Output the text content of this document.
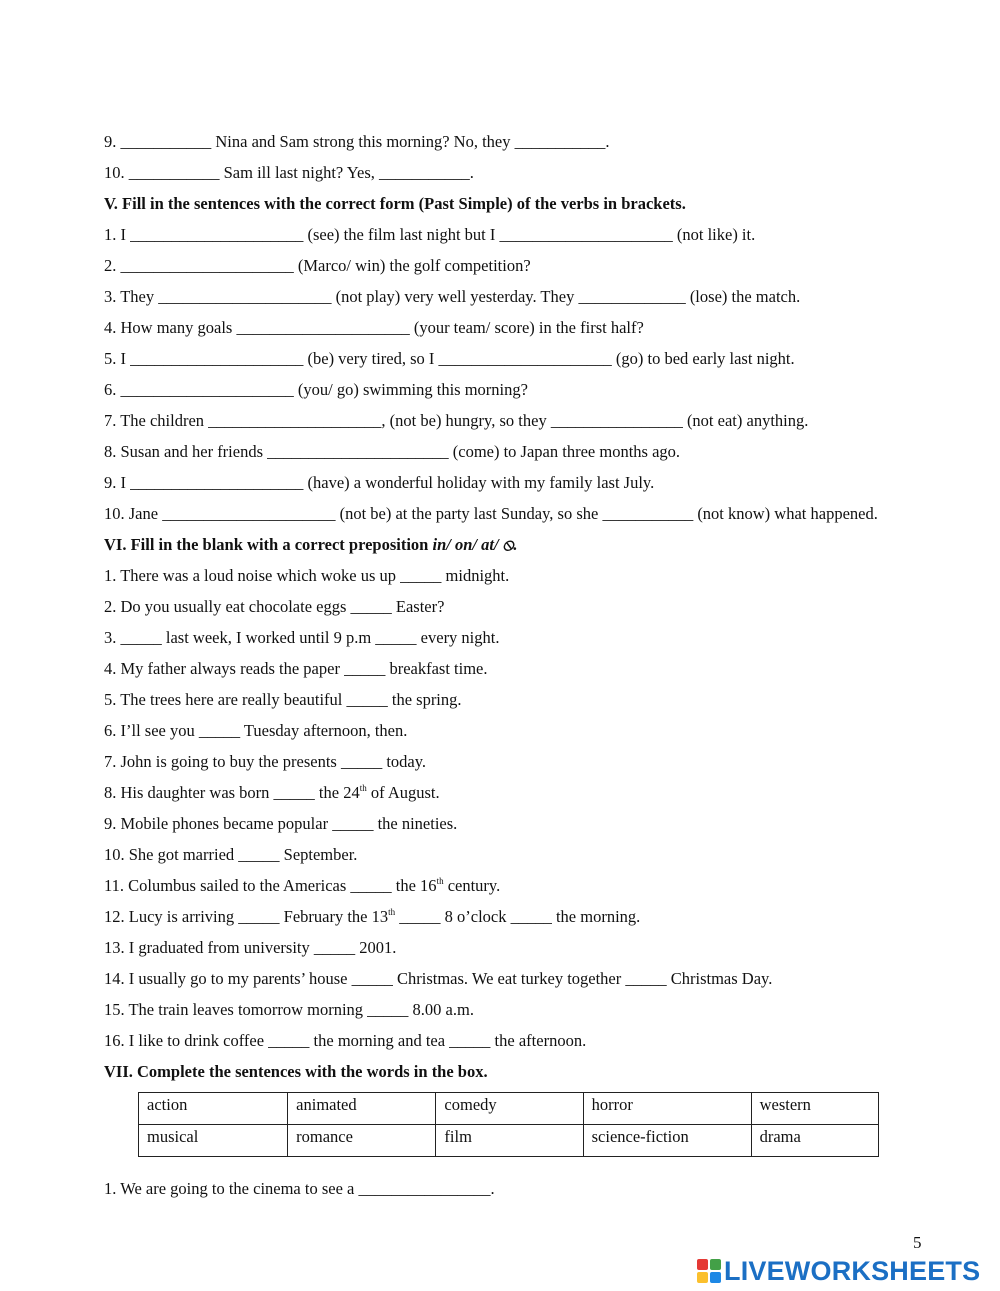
9. ___________ Nina and Sam strong this morning? No, they ___________.
10. ___________ Sam ill last night? Yes, ___________.
V. Fill in the sentences with the correct form (Past Simple) of the verbs in brackets.
1. I _____________________ (see) the film last night but I _____________________ (not like) it.
2. _____________________ (Marco/ win) the golf competition?
3. They _____________________ (not play) very well yesterday. They _____________ (lose) the match.
4. How many goals _____________________ (your team/ score) in the first half?
5. I _____________________ (be) very tired, so I _____________________ (go) to bed early last night.
6. _____________________ (you/ go) swimming this morning?
7. The children _____________________, (not be) hungry, so they ________________ (not eat) anything.
8. Susan and her friends ______________________ (come) to Japan three months ago.
9. I _____________________ (have) a wonderful holiday with my family last July.
10. Jane _____________________ (not be) at the party last Sunday, so she ___________ (not know) what happened.
VI. Fill in the blank with a correct preposition in/ on/ at/ ⦸.
1. There was a loud noise which woke us up _____ midnight.
2. Do you usually eat chocolate eggs _____ Easter?
3. _____ last week, I worked until 9 p.m _____ every night.
4. My father always reads the paper _____ breakfast time.
5. The trees here are really beautiful _____ the spring.
6. I’ll see you _____ Tuesday afternoon, then.
7. John is going to buy the presents _____ today.
8. His daughter was born _____ the 24th of August.
9. Mobile phones became popular _____ the nineties.
10. She got married _____ September.
11. Columbus sailed to the Americas _____ the 16th century.
12. Lucy is arriving _____ February the 13th _____ 8 o’clock _____ the morning.
13. I graduated from university _____ 2001.
14. I usually go to my parents’ house _____ Christmas. We eat turkey together _____ Christmas Day.
15. The train leaves tomorrow morning _____ 8.00 a.m.
16. I like to drink coffee _____ the morning and tea _____ the afternoon.
VII. Complete the sentences with the words in the box.
action	animated	comedy	horror	western
musical	romance	film	science-fiction	drama
1. We are going to the cinema to see a ________________.
5
LIVEWORKSHEETS
